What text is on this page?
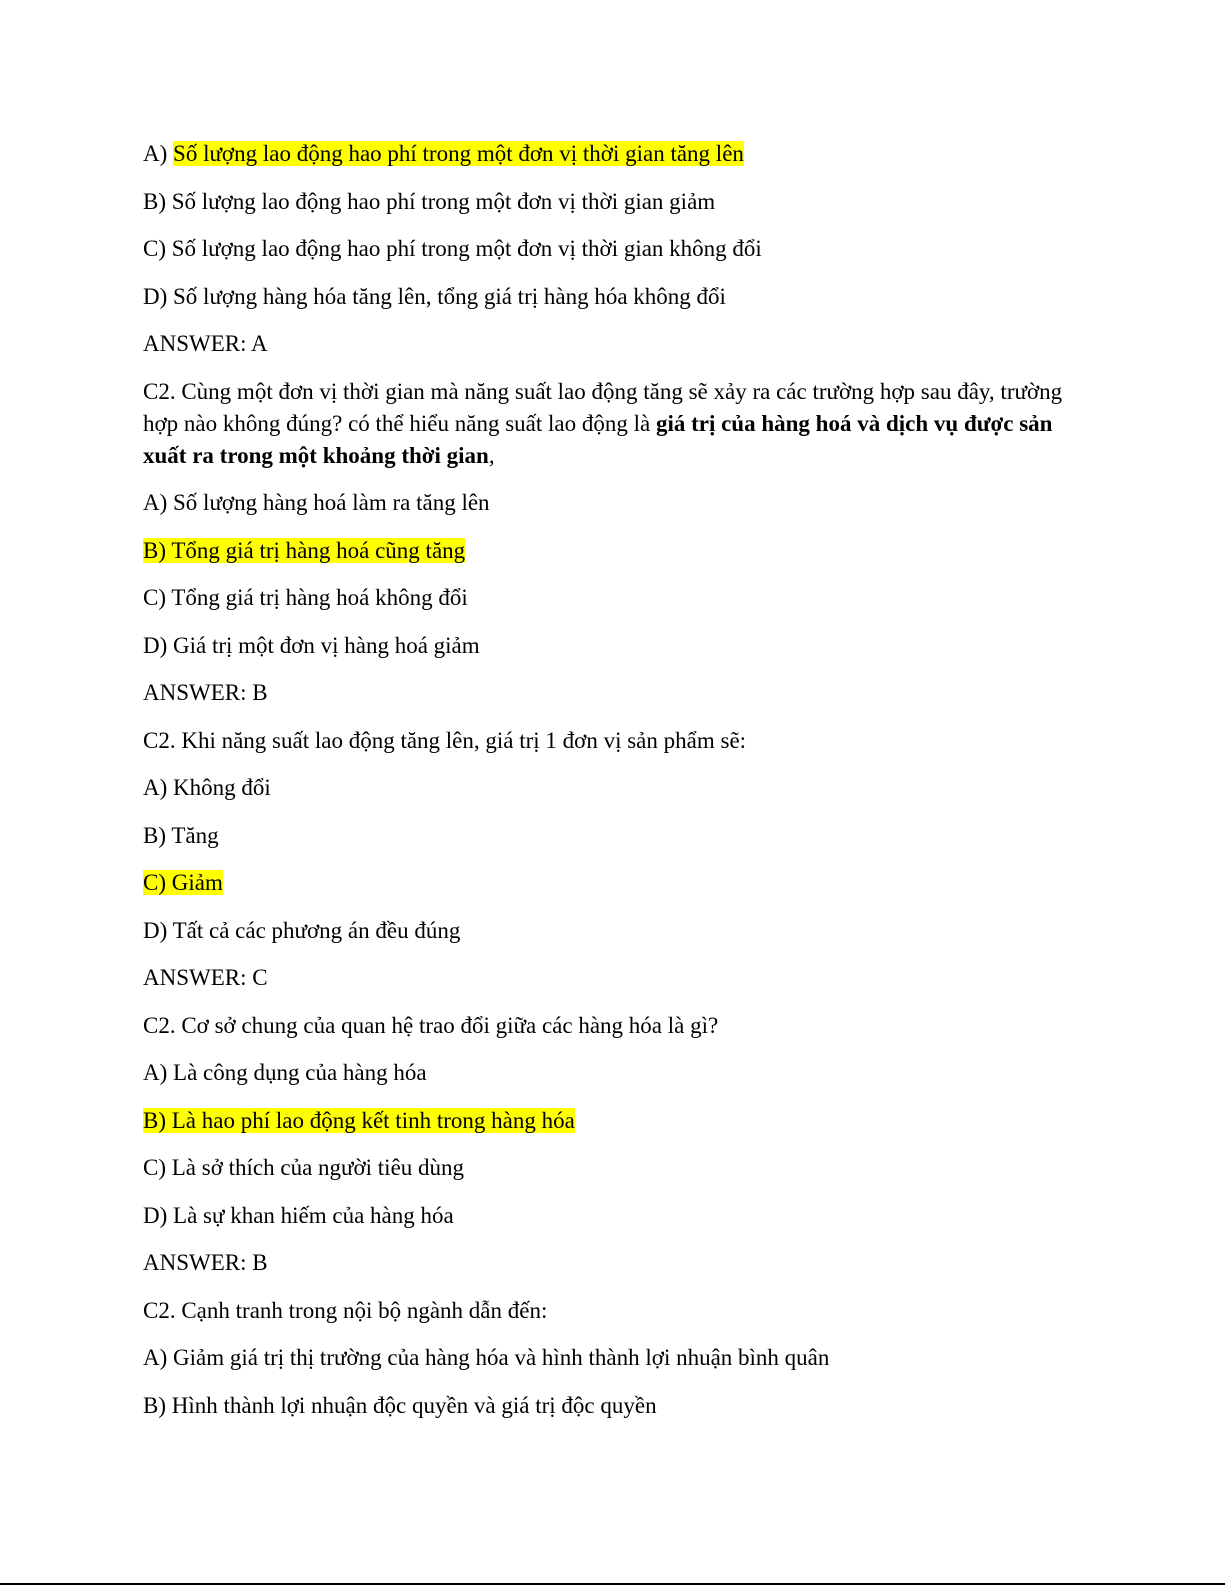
A) Số lượng lao động hao phí trong một đơn vị thời gian tăng lên
B) Số lượng lao động hao phí trong một đơn vị thời gian giảm
C) Số lượng lao động hao phí trong một đơn vị thời gian không đổi
D) Số lượng hàng hóa tăng lên, tổng giá trị hàng hóa không đổi
ANSWER: A
C2. Cùng một đơn vị thời gian mà năng suất lao động tăng sẽ xảy ra các trường hợp sau đây, trường hợp nào không đúng? có thể hiểu năng suất lao động là giá trị của hàng hoá và dịch vụ được sản xuất ra trong một khoảng thời gian,
A) Số lượng hàng hoá làm ra tăng lên
B) Tổng giá trị hàng hoá cũng tăng
C) Tổng giá trị hàng hoá không đổi
D) Giá trị một đơn vị hàng hoá giảm
ANSWER: B
C2. Khi năng suất lao động tăng lên, giá trị 1 đơn vị sản phẩm sẽ:
A) Không đổi
B) Tăng
C) Giảm
D) Tất cả các phương án đều đúng
ANSWER: C
C2. Cơ sở chung của quan hệ trao đổi giữa các hàng hóa là gì?
A) Là công dụng của hàng hóa
B) Là hao phí lao động kết tinh trong hàng hóa
C) Là sở thích của người tiêu dùng
D) Là sự khan hiếm của hàng hóa
ANSWER: B
C2. Cạnh tranh trong nội bộ ngành dẫn đến:
A) Giảm giá trị thị trường của hàng hóa và hình thành lợi nhuận bình quân
B) Hình thành lợi nhuận độc quyền và giá trị độc quyền
